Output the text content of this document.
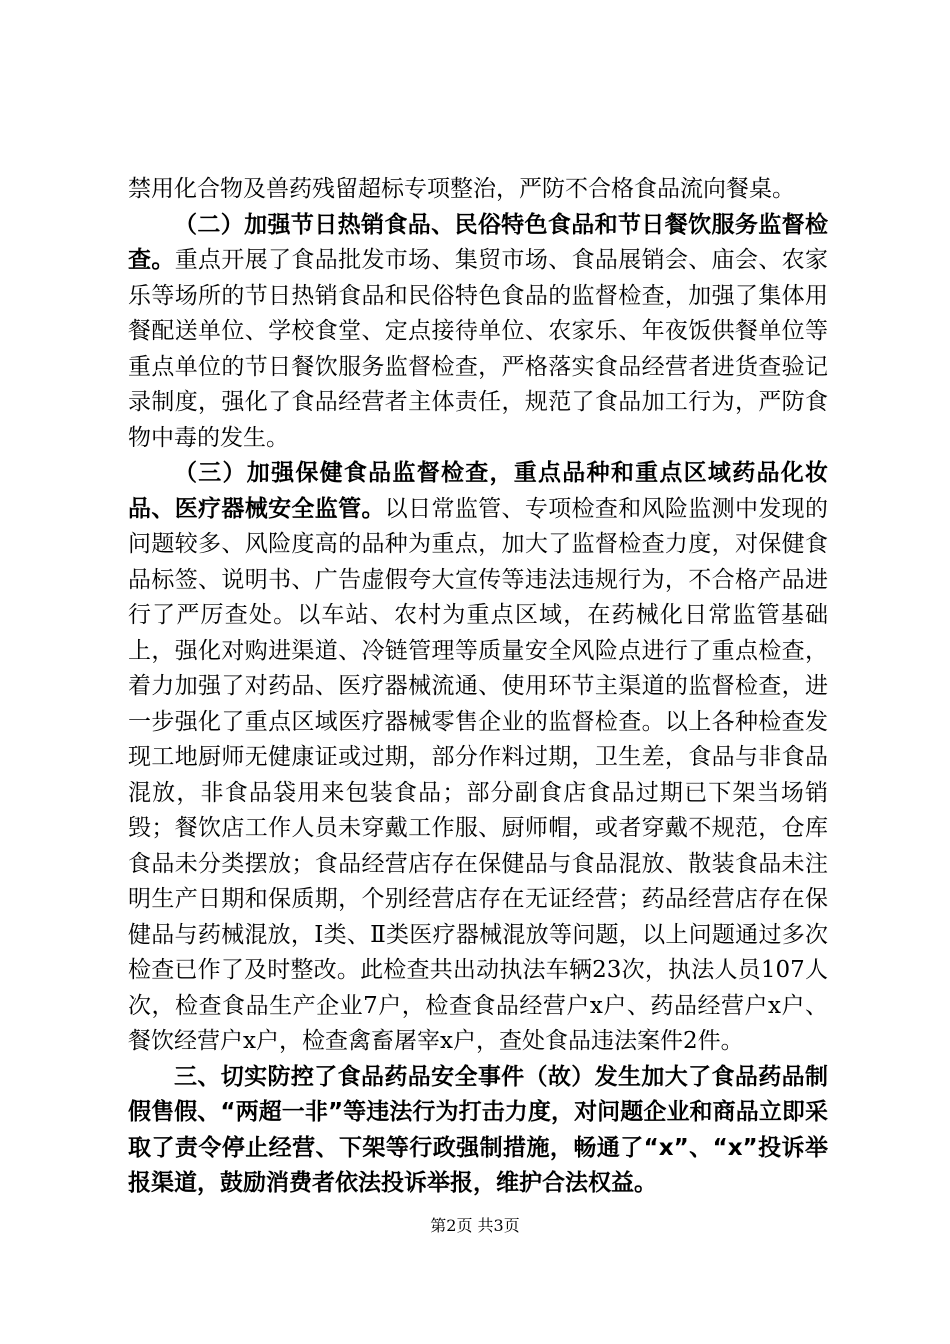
禁用化合物及兽药残留超标专项整治，严防不合格食品流向餐桌。

（二）加强节日热销食品、民俗特色食品和节日餐饮服务监督检查。重点开展了食品批发市场、集贸市场、食品展销会、庙会、农家乐等场所的节日热销食品和民俗特色食品的监督检查，加强了集体用餐配送单位、学校食堂、定点接待单位、农家乐、年夜饭供餐单位等重点单位的节日餐饮服务监督检查，严格落实食品经营者进货查验记录制度，强化了食品经营者主体责任，规范了食品加工行为，严防食物中毒的发生。

（三）加强保健食品监督检查，重点品种和重点区域药品化妆品、医疗器械安全监管。以日常监管、专项检查和风险监测中发现的问题较多、风险度高的品种为重点，加大了监督检查力度，对保健食品标签、说明书、广告虚假夸大宣传等违法违规行为，不合格产品进行了严厉查处。以车站、农村为重点区域，在药械化日常监管基础上，强化对购进渠道、冷链管理等质量安全风险点进行了重点检查，着力加强了对药品、医疗器械流通、使用环节主渠道的监督检查，进一步强化了重点区域医疗器械零售企业的监督检查。以上各种检查发现工地厨师无健康证或过期，部分作料过期，卫生差，食品与非食品混放，非食品袋用来包装食品；部分副食店食品过期已下架当场销毁；餐饮店工作人员未穿戴工作服、厨师帽，或者穿戴不规范，仓库食品未分类摆放；食品经营店存在保健品与食品混放、散装食品未注明生产日期和保质期，个别经营店存在无证经营；药品经营店存在保健品与药械混放，Ⅰ类、Ⅱ类医疗器械混放等问题，以上问题通过多次检查已作了及时整改。此检查共出动执法车辆23次，执法人员107人次，检查食品生产企业7户，检查食品经营户x户、药品经营户x户、餐饮经营户x户，检查禽畜屠宰x户，查处食品违法案件2件。

三、切实防控了食品药品安全事件（故）发生加大了食品药品制假售假、“两超一非”等违法行为打击力度，对问题企业和商品立即采取了责令停止经营、下架等行政强制措施，畅通了“x”、“x”投诉举报渠道，鼓励消费者依法投诉举报，维护合法权益。

第2页 共3页
